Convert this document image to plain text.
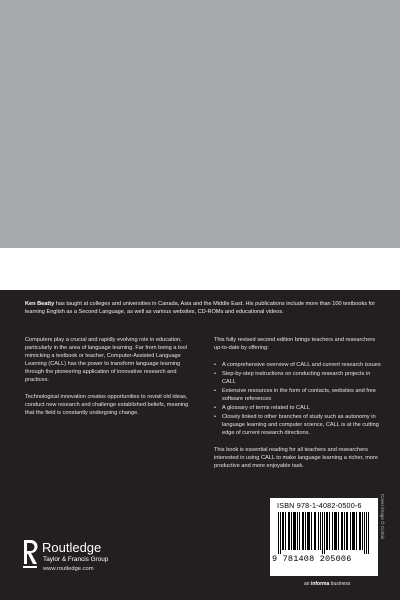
Ken Beatty has taught at colleges and universities in Canada, Asia and the Middle East. His publications include more than 100 textbooks for learning English as a Second Language, as well as various websites, CD-ROMs and educational videos.

Computers play a crucial and rapidly evolving role in education, particularly in the area of language learning. Far from being a tool mimicking a textbook or teacher, Computer-Assisted Language Learning (CALL) has the power to transform language learning through the pioneering application of innovative research and practices.

Technological innovation creates opportunities to revisit old ideas, conduct new research and challenge established beliefs, meaning that the field is constantly undergoing change.

This fully revised second edition brings teachers and researchers up-to-date by offering:

• A comprehensive overview of CALL and current research issues
• Step-by-step instructions on conducting research projects in CALL
• Extensive resources in the form of contacts, websites and free software references
• A glossary of terms related to CALL
• Closely linked to other branches of study such as autonomy in language learning and computer science, CALL is at the cutting edge of current research directions.

This book is essential reading for all teachers and researchers interested in using CALL to make language learning a richer, more productive and more enjoyable task.

ISBN 978-1-4082-0500-6
9 781408 205006
Cover image © Corbis
Routledge
Taylor & Francis Group
www.routledge.com
an informa business
